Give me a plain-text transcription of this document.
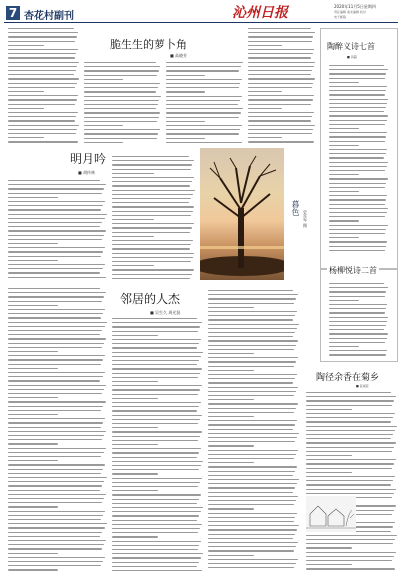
7 杏花村副刊	沁州日报	2020年11月5日星期四
责任编辑 美术编辑 校对
电子邮箱
脆生生的萝卜角
■ 高晓芳
陶醉义诗七首
■ 冯超
杨柳悦诗二首
明月吟
■ 胡传林
暮色
史亦军 摄
邻居的人杰
■ 吴生久 周光贤
陶径余香在菊乡
■ 张雨花
